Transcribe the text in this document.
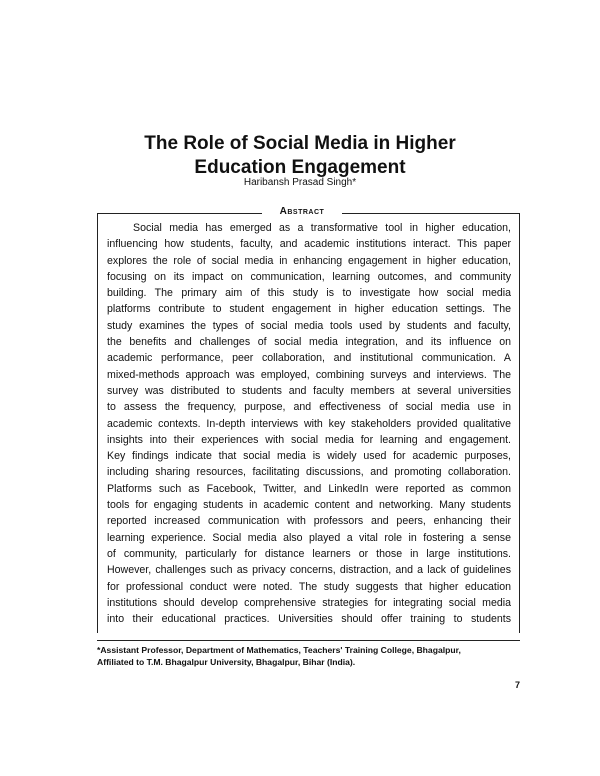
The Role of Social Media in Higher
Education Engagement
Haribansh Prasad Singh*
Abstract
Social media has emerged as a transformative tool in higher education,
influencing how students, faculty, and academic institutions interact. This paper
explores the role of social media in enhancing engagement in higher education,
focusing on its impact on communication, learning outcomes, and community
building. The primary aim of this study is to investigate how social media
platforms contribute to student engagement in higher education settings. The
study examines the types of social media tools used by students and faculty,
the benefits and challenges of social media integration, and its influence on
academic performance, peer collaboration, and institutional communication. A
mixed-methods approach was employed, combining surveys and interviews. The
survey was distributed to students and faculty members at several universities
to assess the frequency, purpose, and effectiveness of social media use in
academic contexts. In-depth interviews with key stakeholders provided qualitative
insights into their experiences with social media for learning and engagement.
Key findings indicate that social media is widely used for academic purposes,
including sharing resources, facilitating discussions, and promoting collaboration.
Platforms such as Facebook, Twitter, and LinkedIn were reported as common
tools for engaging students in academic content and networking. Many students
reported increased communication with professors and peers, enhancing their
learning experience. Social media also played a vital role in fostering a sense
of community, particularly for distance learners or those in large institutions.
However, challenges such as privacy concerns, distraction, and a lack of guidelines
for professional conduct were noted. The study suggests that higher education
institutions should develop comprehensive strategies for integrating social media
into their educational practices. Universities should offer training to students
*Assistant Professor, Department of Mathematics, Teachers' Training College, Bhagalpur,
Affiliated to T.M. Bhagalpur University, Bhagalpur, Bihar (India).
7
